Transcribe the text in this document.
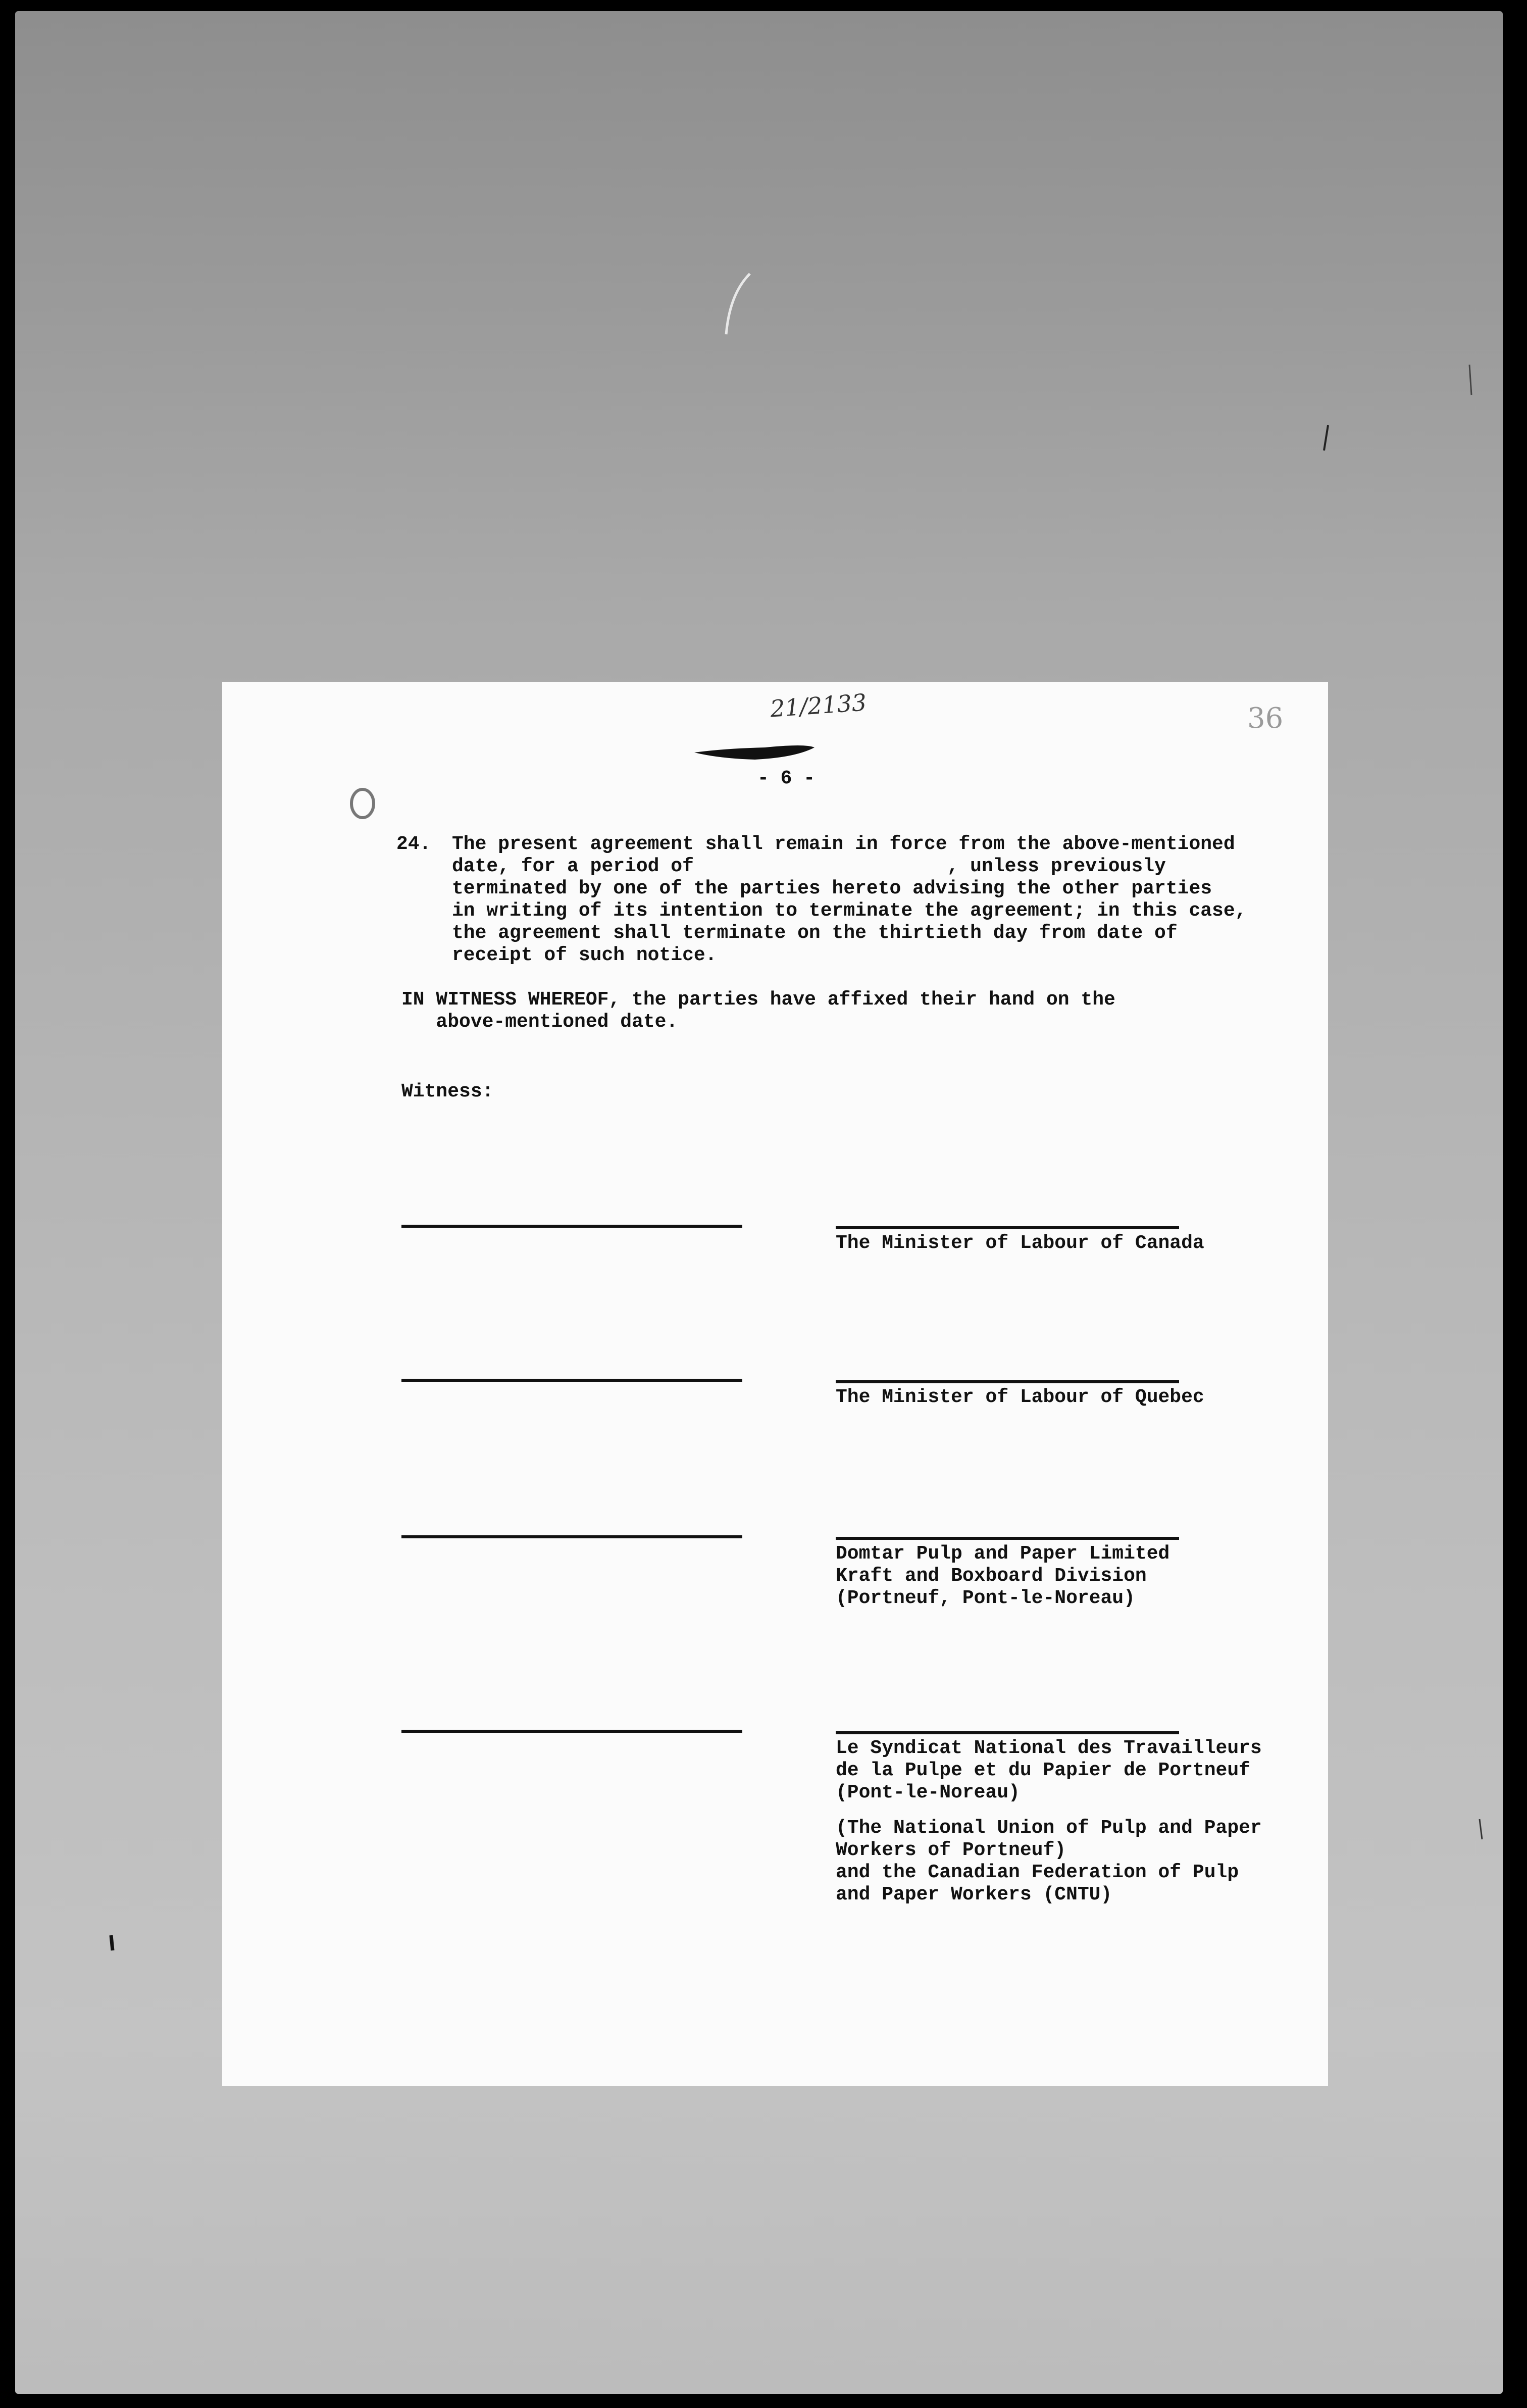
36
21/2133
- 6 -
24. The present agreement shall remain in force from the above-mentioned
date, for a period of                      , unless previously
terminated by one of the parties hereto advising the other parties
in writing of its intention to terminate the agreement; in this case,
the agreement shall terminate on the thirtieth day from date of
receipt of such notice.
IN WITNESS WHEREOF, the parties have affixed their hand on the
above-mentioned date.
Witness:
The Minister of Labour of Canada
The Minister of Labour of Quebec
Domtar Pulp and Paper Limited
Kraft and Boxboard Division
(Portneuf, Pont-le-Noreau)
Le Syndicat National des Travailleurs
de la Pulpe et du Papier de Portneuf
(Pont-le-Noreau)
(The National Union of Pulp and Paper
Workers of Portneuf)
and the Canadian Federation of Pulp
and Paper Workers (CNTU)
